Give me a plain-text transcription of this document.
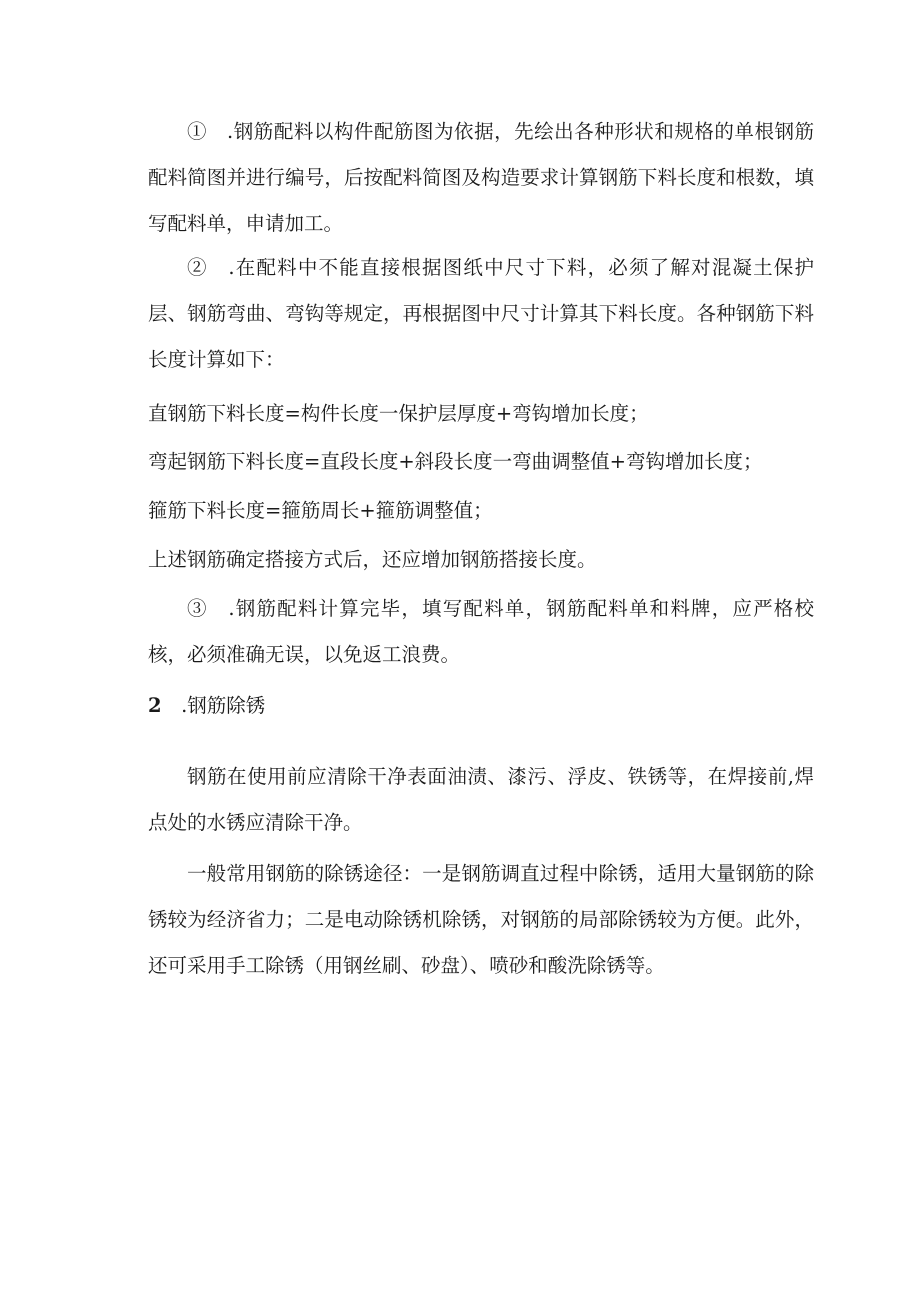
①　.钢筋配料以构件配筋图为依据，先绘出各种形状和规格的单根钢筋配料简图并进行编号，后按配料简图及构造要求计算钢筋下料长度和根数，填写配料单，申请加工。

②　.在配料中不能直接根据图纸中尺寸下料，必须了解对混凝土保护层、钢筋弯曲、弯钩等规定，再根据图中尺寸计算其下料长度。各种钢筋下料长度计算如下：

直钢筋下料长度=构件长度一保护层厚度+弯钩增加长度；

弯起钢筋下料长度=直段长度+斜段长度一弯曲调整值+弯钩增加长度；

箍筋下料长度=箍筋周长+箍筋调整值；

上述钢筋确定搭接方式后，还应增加钢筋搭接长度。

③　.钢筋配料计算完毕，填写配料单，钢筋配料单和料牌，应严格校核，必须准确无误，以免返工浪费。

2　.钢筋除锈

钢筋在使用前应清除干净表面油渍、漆污、浮皮、铁锈等，在焊接前,焊点处的水锈应清除干净。

一般常用钢筋的除锈途径：一是钢筋调直过程中除锈，适用大量钢筋的除锈较为经济省力；二是电动除锈机除锈，对钢筋的局部除锈较为方便。此外，还可采用手工除锈（用钢丝刷、砂盘）、喷砂和酸洗除锈等。
